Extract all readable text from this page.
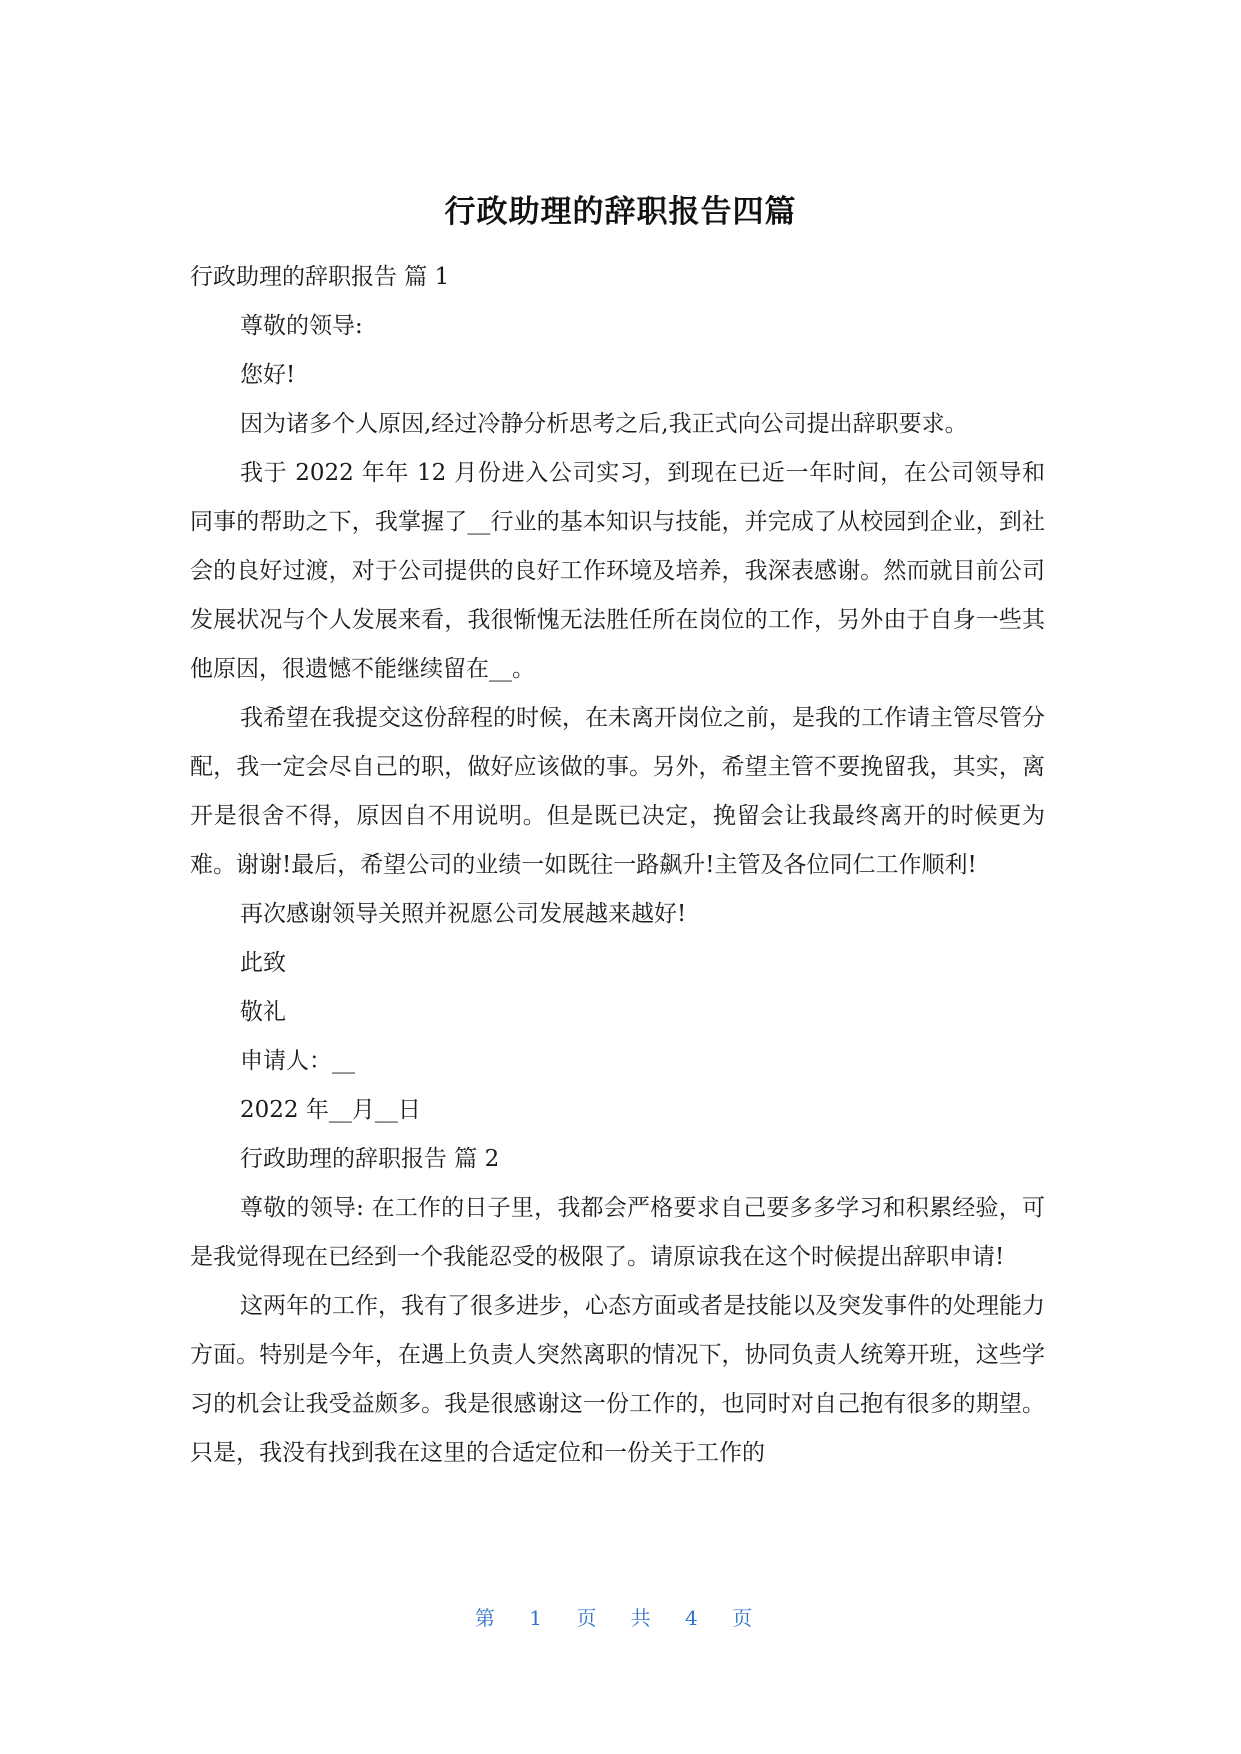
行政助理的辞职报告四篇

行政助理的辞职报告 篇 1

尊敬的领导:

您好!

因为诸多个人原因,经过冷静分析思考之后,我正式向公司提出辞职要求。

我于 2022 年年 12 月份进入公司实习，到现在已近一年时间，在公司领导和同事的帮助之下，我掌握了__行业的基本知识与技能，并完成了从校园到企业，到社会的良好过渡，对于公司提供的良好工作环境及培养，我深表感谢。然而就目前公司发展状况与个人发展来看，我很惭愧无法胜任所在岗位的工作，另外由于自身一些其他原因，很遗憾不能继续留在__。

我希望在我提交这份辞程的时候，在未离开岗位之前，是我的工作请主管尽管分配，我一定会尽自己的职，做好应该做的事。另外，希望主管不要挽留我，其实，离开是很舍不得，原因自不用说明。但是既已决定，挽留会让我最终离开的时候更为难。谢谢!最后，希望公司的业绩一如既往一路飙升!主管及各位同仁工作顺利!

再次感谢领导关照并祝愿公司发展越来越好!

此致

敬礼

申请人：__

2022 年__月__日

行政助理的辞职报告 篇 2

尊敬的领导: 在工作的日子里，我都会严格要求自己要多多学习和积累经验，可是我觉得现在已经到一个我能忍受的极限了。请原谅我在这个时候提出辞职申请!

这两年的工作，我有了很多进步，心态方面或者是技能以及突发事件的处理能力方面。特别是今年，在遇上负责人突然离职的情况下，协同负责人统筹开班，这些学习的机会让我受益颇多。我是很感谢这一份工作的，也同时对自己抱有很多的期望。只是，我没有找到我在这里的合适定位和一份关于工作的

第 1 页 共 4 页
